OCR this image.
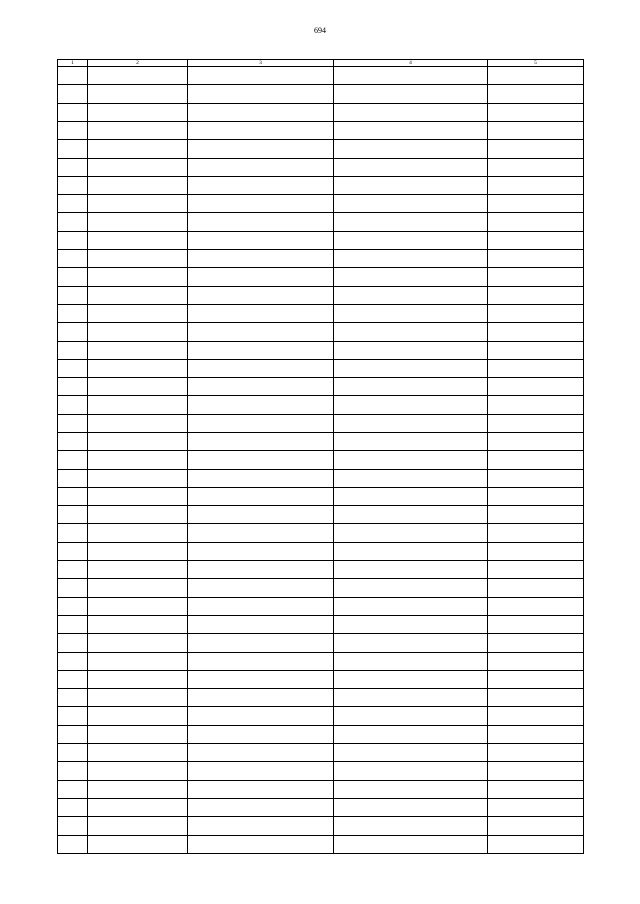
694
1	2	3	4	5
